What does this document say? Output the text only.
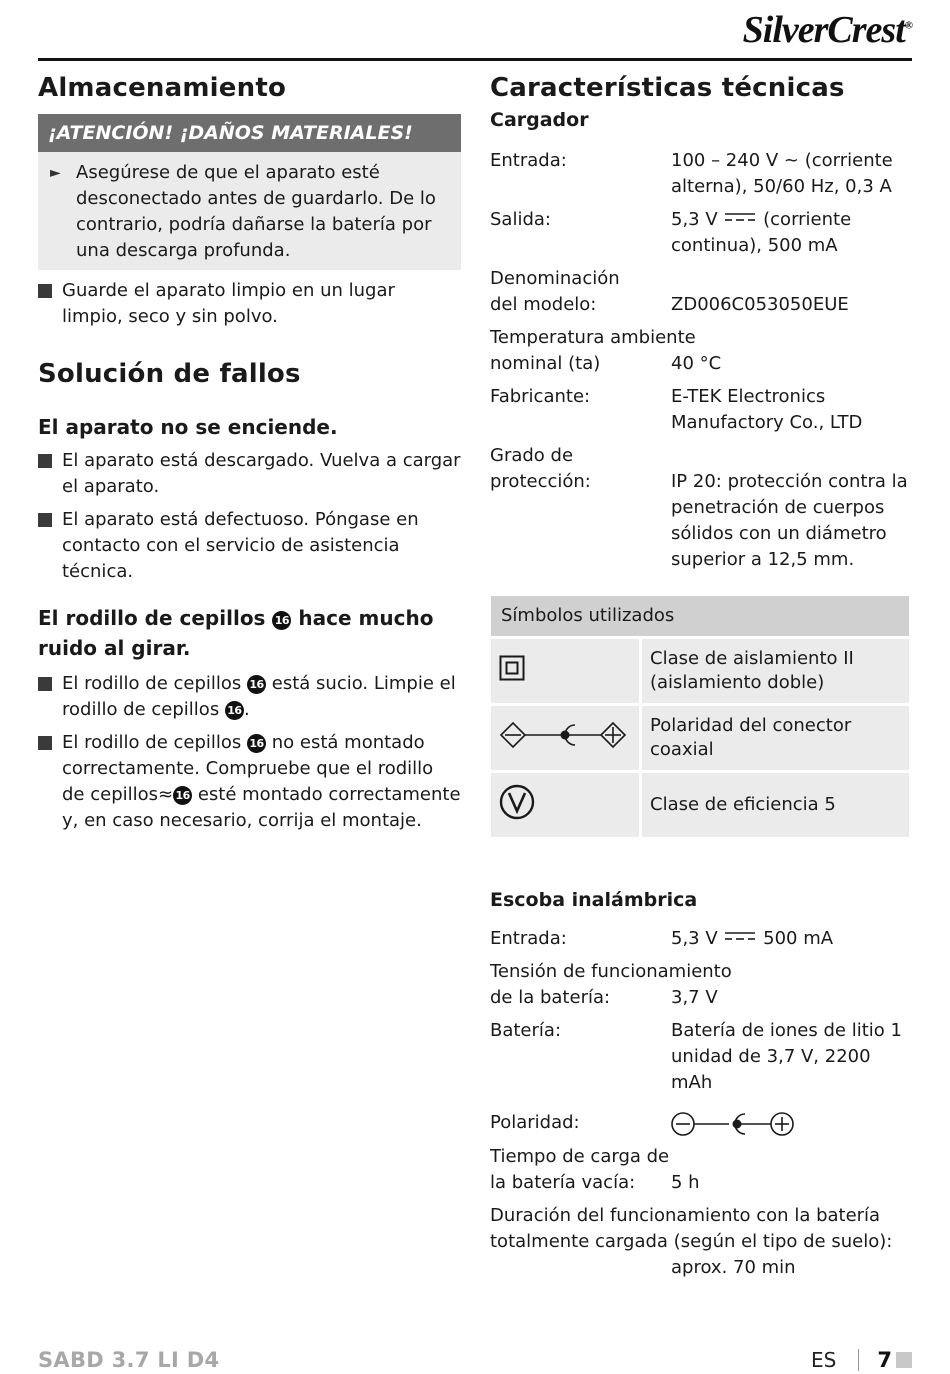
SilverCrest®
Almacenamiento
¡ATENCIÓN! ¡DAÑOS MATERIALES!
► Asegúrese de que el aparato esté desconectado antes de guardarlo. De lo contrario, podría dañarse la batería por una descarga profunda.
Guarde el aparato limpio en un lugar limpio, seco y sin polvo.
Solución de fallos
El aparato no se enciende.
El aparato está descargado. Vuelva a cargar el aparato.
El aparato está defectuoso. Póngase en contacto con el servicio de asistencia técnica.
El rodillo de cepillos 16 hace mucho ruido al girar.
El rodillo de cepillos 16 está sucio. Limpie el rodillo de cepillos 16 .
El rodillo de cepillos 16 no está montado correctamente. Compruebe que el rodillo de cepillos≈ 16 esté montado correctamente y, en caso necesario, corrija el montaje.
Características técnicas
Cargador
Entrada:	100 – 240 V ~ (corriente alterna), 50/60 Hz, 0,3 A
Salida:	5,3 V	(corriente continua), 500 mA
Denominación
del modelo:	ZD006C053050EUE
Temperatura ambiente
nominal (ta)	40 °C
Fabricante:	E-TEK Electronics Manufactory Co., LTD
Grado de
protección:	IP 20: protección contra la penetración de cuerpos sólidos con un diámetro superior a 12,5 mm.
Símbolos utilizados	
	Clase de aislamiento II (aislamiento doble)
	Polaridad del conector coaxial
	Clase de eficiencia 5
Escoba inalámbrica
Entrada:	5,3 V	500 mA
Tensión de funcionamiento
de la batería:	3,7 V
Batería:	Batería de iones de litio 1 unidad de 3,7 V, 2200 mAh
Polaridad:
Tiempo de carga de
la batería vacía:	5 h
Duración del funcionamiento con la batería totalmente cargada (según el tipo de suelo):
aprox. 70 min
SABD 3.7 LI D4	ES 7
